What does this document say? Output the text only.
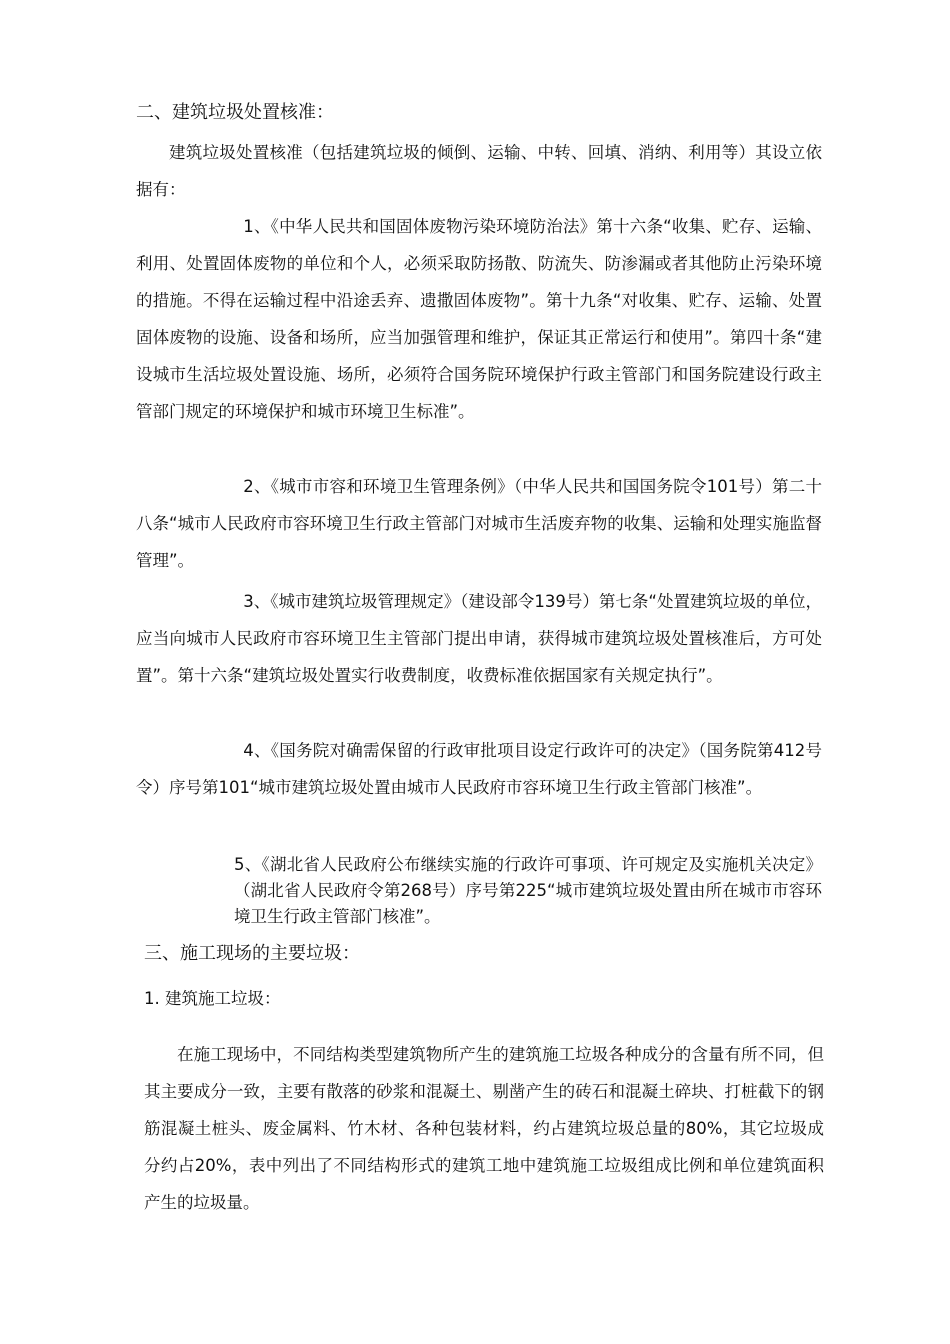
二、建筑垃圾处置核准：
建筑垃圾处置核准（包括建筑垃圾的倾倒、运输、中转、回填、消纳、利用等）其设立依据有：
1、《中华人民共和国固体废物污染环境防治法》第十六条“收集、贮存、运输、利用、处置固体废物的单位和个人，必须采取防扬散、防流失、防渗漏或者其他防止污染环境的措施。不得在运输过程中沿途丢弃、遗撒固体废物”。第十九条“对收集、贮存、运输、处置固体废物的设施、设备和场所，应当加强管理和维护，保证其正常运行和使用”。第四十条“建设城市生活垃圾处置设施、场所，必须符合国务院环境保护行政主管部门和国务院建设行政主管部门规定的环境保护和城市环境卫生标准”。
2、《城市市容和环境卫生管理条例》（中华人民共和国国务院令101号）第二十八条“城市人民政府市容环境卫生行政主管部门对城市生活废弃物的收集、运输和处理实施监督管理”。
3、《城市建筑垃圾管理规定》（建设部令139号）第七条“处置建筑垃圾的单位，应当向城市人民政府市容环境卫生主管部门提出申请，获得城市建筑垃圾处置核准后，方可处置”。第十六条“建筑垃圾处置实行收费制度，收费标准依据国家有关规定执行”。
4、《国务院对确需保留的行政审批项目设定行政许可的决定》（国务院第412号令）序号第101“城市建筑垃圾处置由城市人民政府市容环境卫生行政主管部门核准”。
5、《湖北省人民政府公布继续实施的行政许可事项、许可规定及实施机关决定》（湖北省人民政府令第268号）序号第225“城市建筑垃圾处置由所在城市市容环境卫生行政主管部门核准”。
三、施工现场的主要垃圾：
1. 建筑施工垃圾：
在施工现场中，不同结构类型建筑物所产生的建筑施工垃圾各种成分的含量有所不同，但其主要成分一致，主要有散落的砂浆和混凝土、剔凿产生的砖石和混凝土碎块、打桩截下的钢筋混凝土桩头、废金属料、竹木材、各种包装材料，约占建筑垃圾总量的80%，其它垃圾成分约占20%，表中列出了不同结构形式的建筑工地中建筑施工垃圾组成比例和单位建筑面积产生的垃圾量。
